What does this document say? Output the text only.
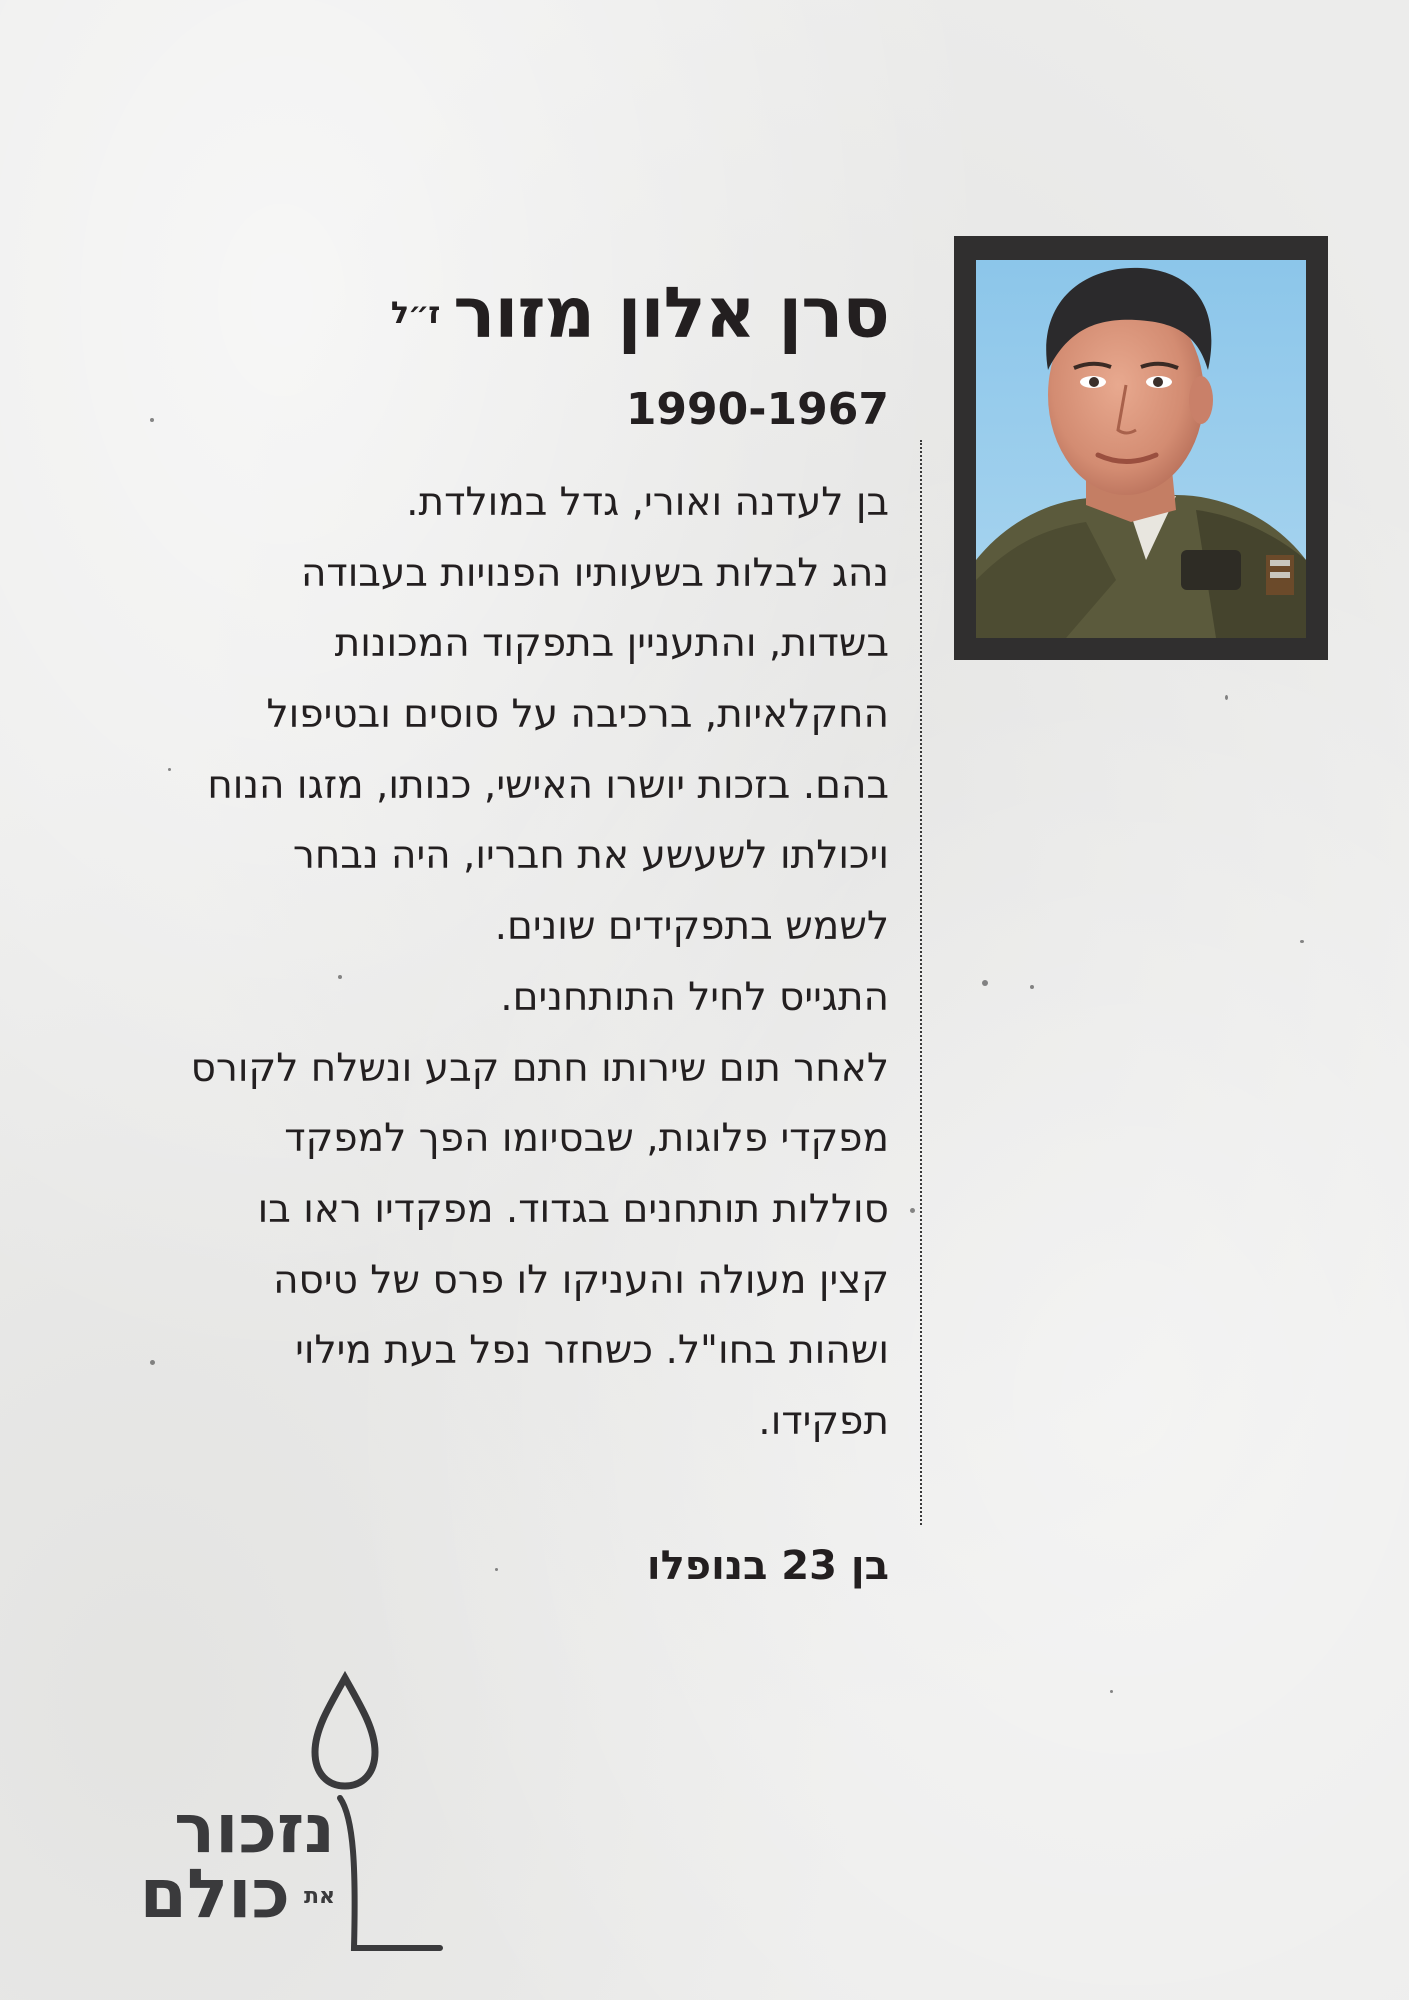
סרן אלון מזור$^{ז״ל}$
1990-1967
בן לעדנה ואורי, גדל במולדת.
נהג לבלות בשעותיו הפנויות בעבודה
בשדות, והתעניין בתפקוד המכונות
החקלאיות, ברכיבה על סוסים ובטיפול
בהם. בזכות יושרו האישי, כנותו, מזגו הנוח
ויכולתו לשעשע את חבריו, היה נבחר
לשמש בתפקידים שונים.
התגייס לחיל התותחנים.
לאחר תום שירותו חתם קבע ונשלח לקורס
מפקדי פלוגות, שבסיומו הפך למפקד
סוללות תותחנים בגדוד. מפקדיו ראו בו
קצין מעולה והעניקו לו פרס של טיסה
ושהות בחו"ל. כשחזר נפל בעת מילוי
תפקידו.
בן 23 בנופלו
נזכור
את
כולם
